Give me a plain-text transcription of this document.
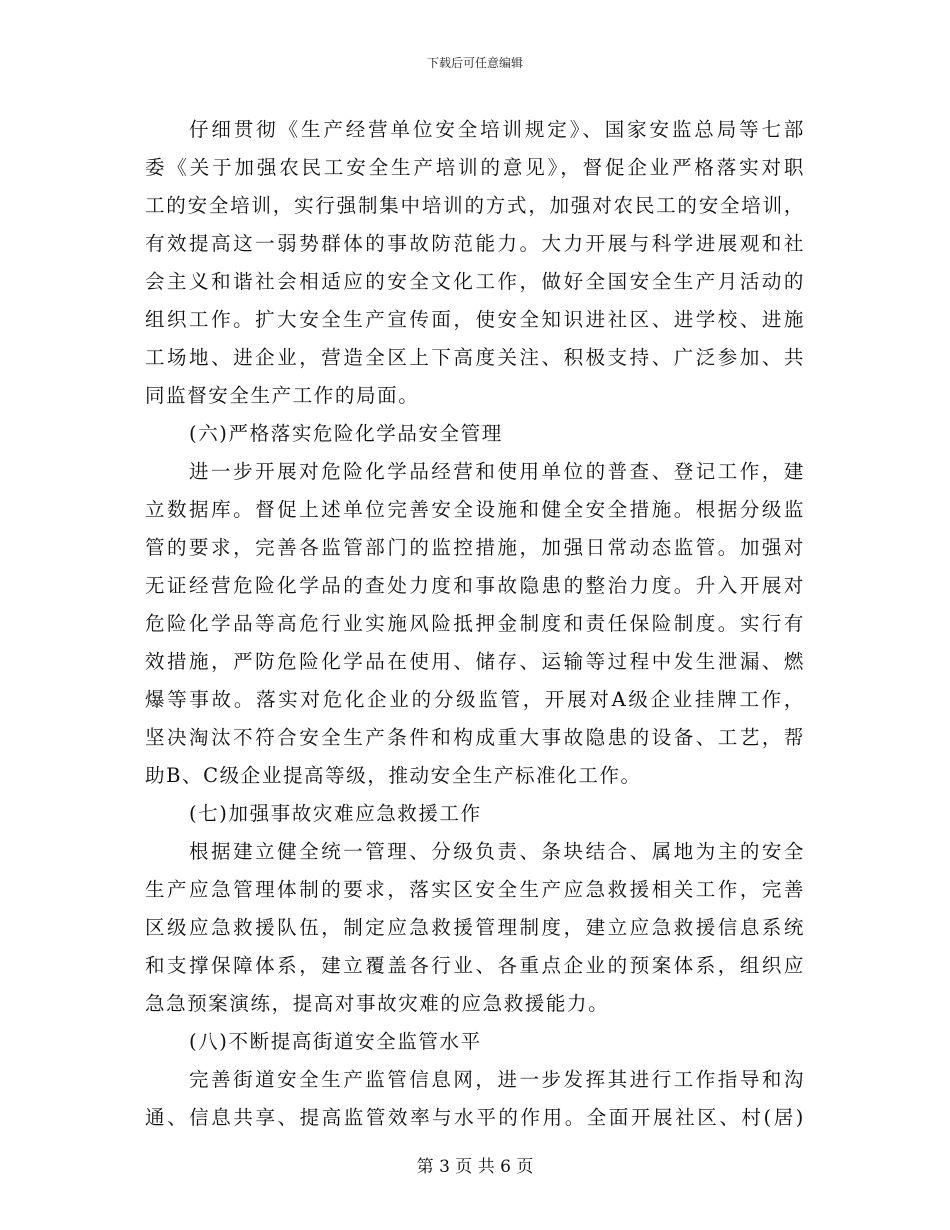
下载后可任意编辑
仔细贯彻《生产经营单位安全培训规定》、国家安监总局等七部
委《关于加强农民工安全生产培训的意见》，督促企业严格落实对职
工的安全培训，实行强制集中培训的方式，加强对农民工的安全培训，
有效提高这一弱势群体的事故防范能力。大力开展与科学进展观和社
会主义和谐社会相适应的安全文化工作，做好全国安全生产月活动的
组织工作。扩大安全生产宣传面，使安全知识进社区、进学校、进施
工场地、进企业，营造全区上下高度关注、积极支持、广泛参加、共
同监督安全生产工作的局面。
(六)严格落实危险化学品安全管理
进一步开展对危险化学品经营和使用单位的普查、登记工作，建
立数据库。督促上述单位完善安全设施和健全安全措施。根据分级监
管的要求，完善各监管部门的监控措施，加强日常动态监管。加强对
无证经营危险化学品的查处力度和事故隐患的整治力度。升入开展对
危险化学品等高危行业实施风险抵押金制度和责任保险制度。实行有
效措施，严防危险化学品在使用、储存、运输等过程中发生泄漏、燃
爆等事故。落实对危化企业的分级监管，开展对A级企业挂牌工作，
坚决淘汰不符合安全生产条件和构成重大事故隐患的设备、工艺，帮
助B、C级企业提高等级，推动安全生产标准化工作。
(七)加强事故灾难应急救援工作
根据建立健全统一管理、分级负责、条块结合、属地为主的安全
生产应急管理体制的要求，落实区安全生产应急救援相关工作，完善
区级应急救援队伍，制定应急救援管理制度，建立应急救援信息系统
和支撑保障体系，建立覆盖各行业、各重点企业的预案体系，组织应
急急预案演练，提高对事故灾难的应急救援能力。
(八)不断提高街道安全监管水平
完善街道安全生产监管信息网，进一步发挥其进行工作指导和沟
通、信息共享、提高监管效率与水平的作用。全面开展社区、村(居)
第 3 页 共 6 页
